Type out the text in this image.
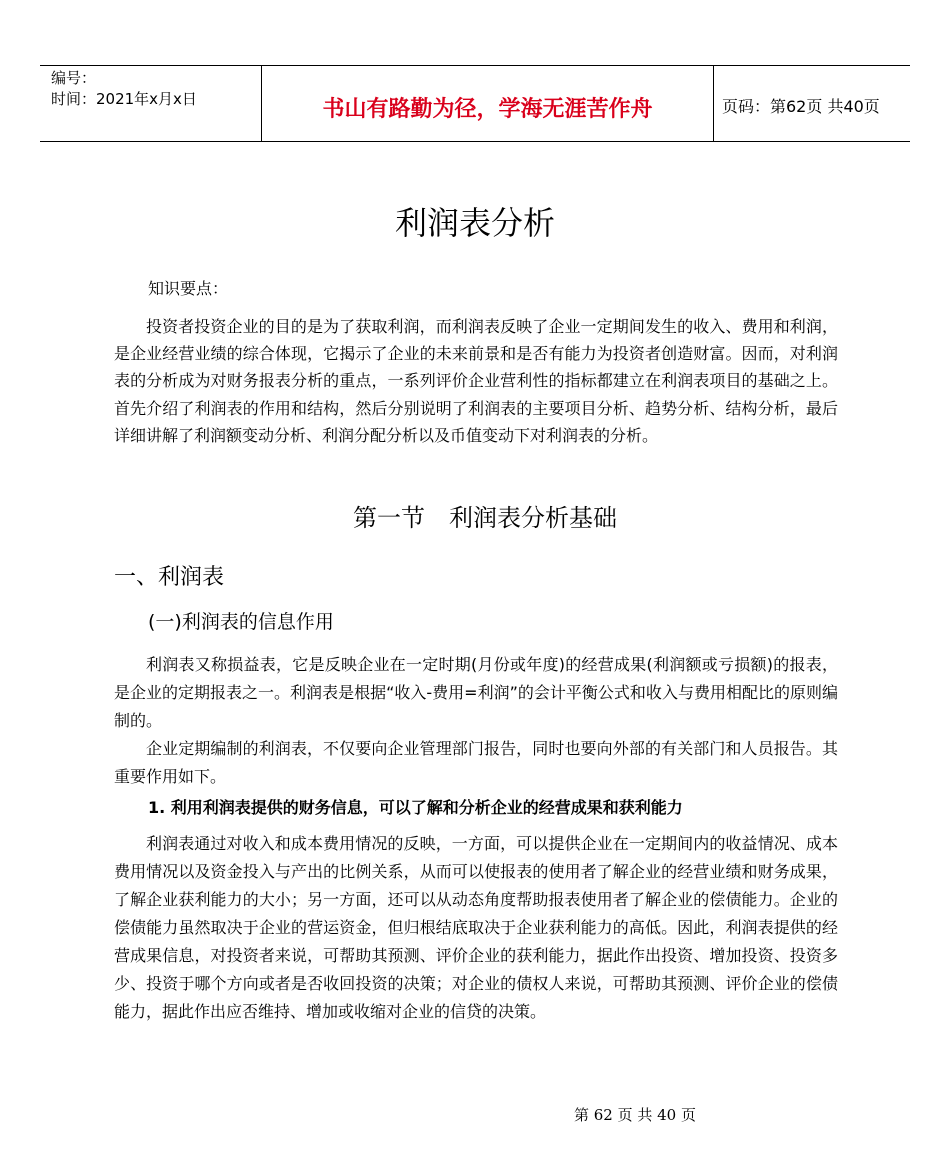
编号：
时间：2021年x月x日	书山有路勤为径，学海无涯苦作舟	页码：第62页 共40页
利润表分析
知识要点：

投资者投资企业的目的是为了获取利润，而利润表反映了企业一定期间发生的收入、费用和利润，是企业经营业绩的综合体现，它揭示了企业的未来前景和是否有能力为投资者创造财富。因而，对利润表的分析成为对财务报表分析的重点，一系列评价企业营利性的指标都建立在利润表项目的基础之上。首先介绍了利润表的作用和结构，然后分别说明了利润表的主要项目分析、趋势分析、结构分析，最后详细讲解了利润额变动分析、利润分配分析以及币值变动下对利润表的分析。

第一节　利润表分析基础
一、利润表
(一)利润表的信息作用

利润表又称损益表，它是反映企业在一定时期(月份或年度)的经营成果(利润额或亏损额)的报表，是企业的定期报表之一。利润表是根据“收入-费用=利润”的会计平衡公式和收入与费用相配比的原则编制的。

企业定期编制的利润表，不仅要向企业管理部门报告，同时也要向外部的有关部门和人员报告。其重要作用如下。

1. 利用利润表提供的财务信息，可以了解和分析企业的经营成果和获利能力

利润表通过对收入和成本费用情况的反映，一方面，可以提供企业在一定期间内的收益情况、成本费用情况以及资金投入与产出的比例关系，从而可以使报表的使用者了解企业的经营业绩和财务成果，了解企业获利能力的大小；另一方面，还可以从动态角度帮助报表使用者了解企业的偿债能力。企业的偿债能力虽然取决于企业的营运资金，但归根结底取决于企业获利能力的高低。因此，利润表提供的经营成果信息，对投资者来说，可帮助其预测、评价企业的获利能力，据此作出投资、增加投资、投资多少、投资于哪个方向或者是否收回投资的决策；对企业的债权人来说，可帮助其预测、评价企业的偿债能力，据此作出应否维持、增加或收缩对企业的信贷的决策。

第 62 页 共 40 页
